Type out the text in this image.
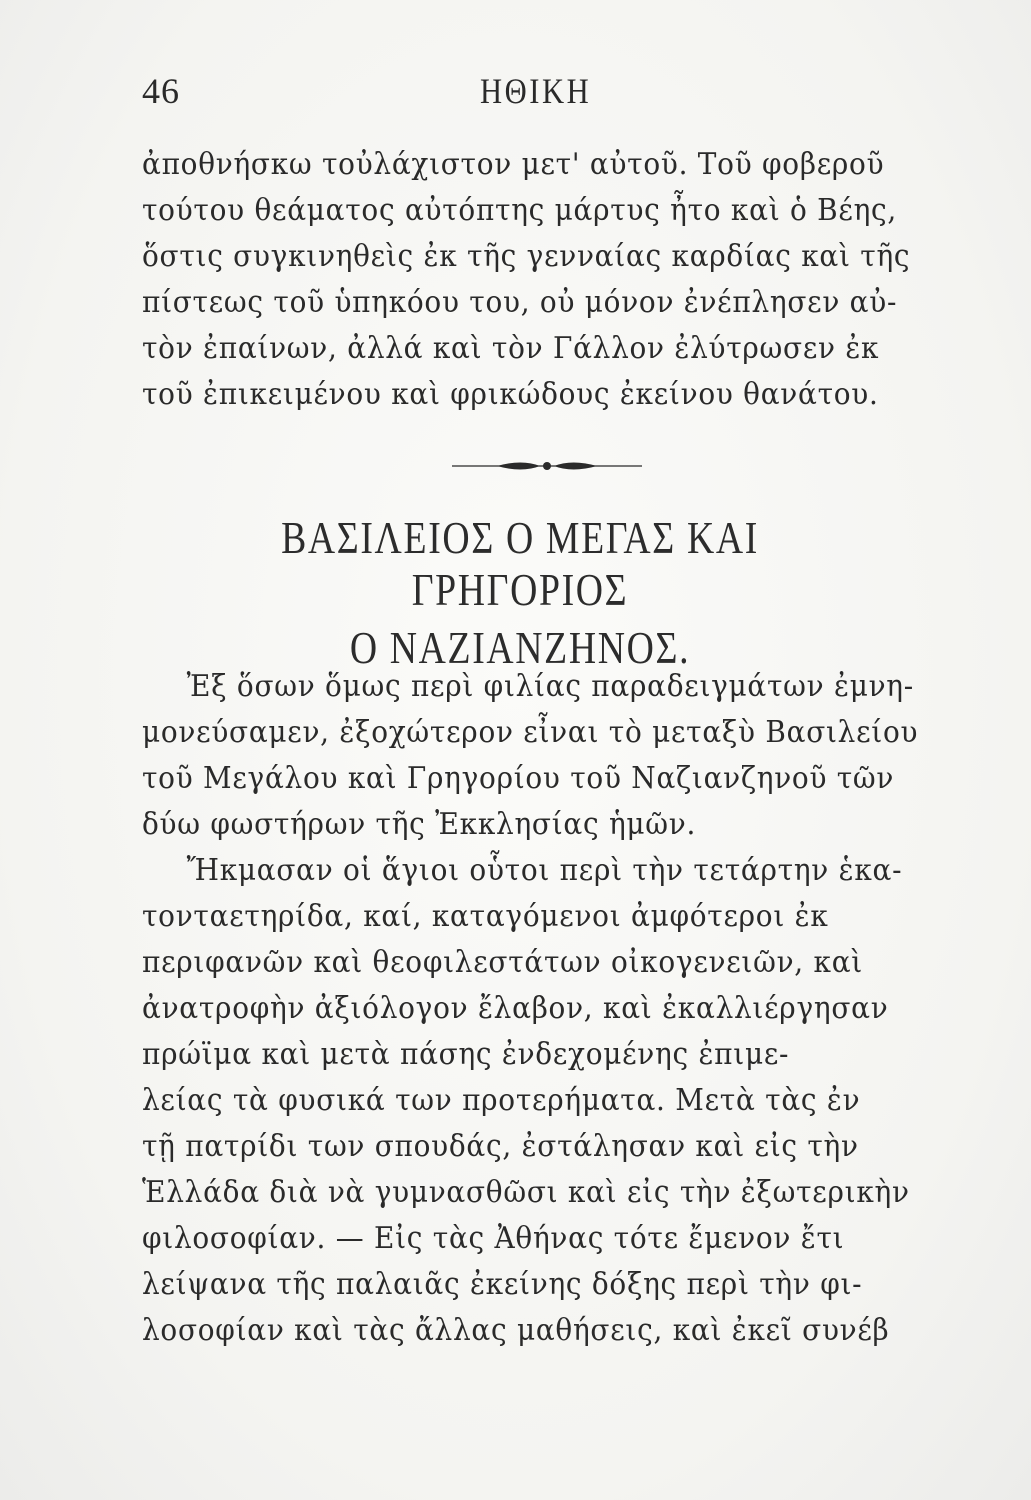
46	ΗΘΙΚΗ
ἀποθνήσκω τοὐλάχιστον μετ' αὐτοῦ. Τοῦ φοβεροῦ
τούτου θεάματος αὐτόπτης μάρτυς ἦτο καὶ ὁ Βέης,
ὅστις συγκινηθεὶς ἐκ τῆς γενναίας καρδίας καὶ τῆς
πίστεως τοῦ ὑπηκόου του, οὐ μόνον ἐνέπλησεν αὐ-
τὸν ἐπαίνων, ἀλλά καὶ τὸν Γάλλον ἐλύτρωσεν ἐκ
τοῦ ἐπικειμένου καὶ φρικώδους ἐκείνου θανάτου.
ΒΑΣΙΛΕΙΟΣ Ο ΜΕΓΑΣ ΚΑΙ ΓΡΗΓΟΡΙΟΣ
Ο ΝΑΖΙΑΝΖΗΝΟΣ.
Ἐξ ὅσων ὅμως περὶ φιλίας παραδειγμάτων ἐμνη-
μονεύσαμεν, ἐξοχώτερον εἶναι τὸ μεταξὺ Βασιλείου
τοῦ Μεγάλου καὶ Γρηγορίου τοῦ Ναζιανζηνοῦ τῶν
δύω φωστήρων τῆς Ἐκκλησίας ἡμῶν.
Ἤκμασαν οἱ ἅγιοι οὗτοι περὶ τὴν τετάρτην ἑκα-
τονταετηρίδα, καί, καταγόμενοι ἀμφότεροι ἐκ
περιφανῶν καὶ θεοφιλεστάτων οἰκογενειῶν, καὶ
ἀνατροφὴν ἀξιόλογον ἔλαβον, καὶ ἐκαλλιέργησαν
πρώϊμα καὶ μετὰ πάσης ἐνδεχομένης ἐπιμε-
λείας τὰ φυσικά των προτερήματα. Μετὰ τὰς ἐν
τῇ πατρίδι των σπουδάς, ἐστάλησαν καὶ εἰς τὴν
Ἑλλάδα διὰ νὰ γυμνασθῶσι καὶ εἰς τὴν ἐξωτερικὴν
φιλοσοφίαν. — Εἰς τὰς Ἀθήνας τότε ἔμενον ἔτι
λείψανα τῆς παλαιᾶς ἐκείνης δόξης περὶ τὴν φι-
λοσοφίαν καὶ τὰς ἄλλας μαθήσεις, καὶ ἐκεῖ συνέβ
